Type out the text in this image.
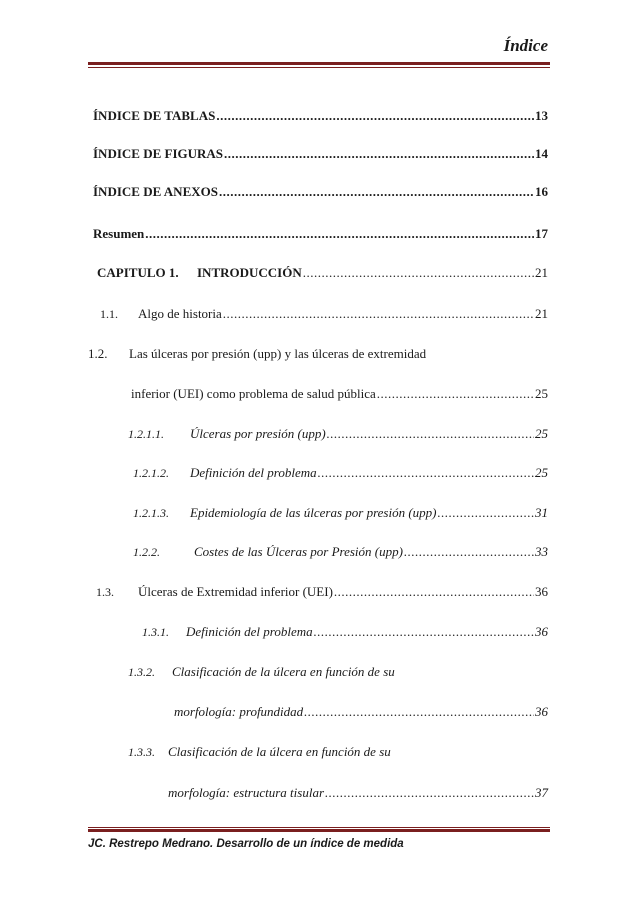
Índice
ÍNDICE DE TABLAS .....	13
ÍNDICE DE FIGURAS .....	14
ÍNDICE DE ANEXOS .....	16
Resumen .....	17
CAPITULO 1.	INTRODUCCIÓN .....	21
1.1.	Algo de historia .....	21
1.2. Las úlceras por presión (upp) y las úlceras de extremidad
inferior (UEI) como problema de salud pública .....	25
1.2.1.1.	Úlceras por presión (upp) .....	25
1.2.1.2.	Definición del problema .....	25
1.2.1.3.	Epidemiología de las úlceras por presión (upp) .....	31
1.2.2.	Costes de las Úlceras por Presión (upp) .....	33
1.3.	Úlceras de Extremidad inferior (UEI) .....	36
1.3.1.	Definición del problema .....	36
1.3.2. Clasificación de la úlcera en función de su
morfología: profundidad .....	36
1.3.3. Clasificación de la úlcera en función de su
morfología: estructura tisular .....	37
JC. Restrepo Medrano. Desarrollo de un índice de medida
